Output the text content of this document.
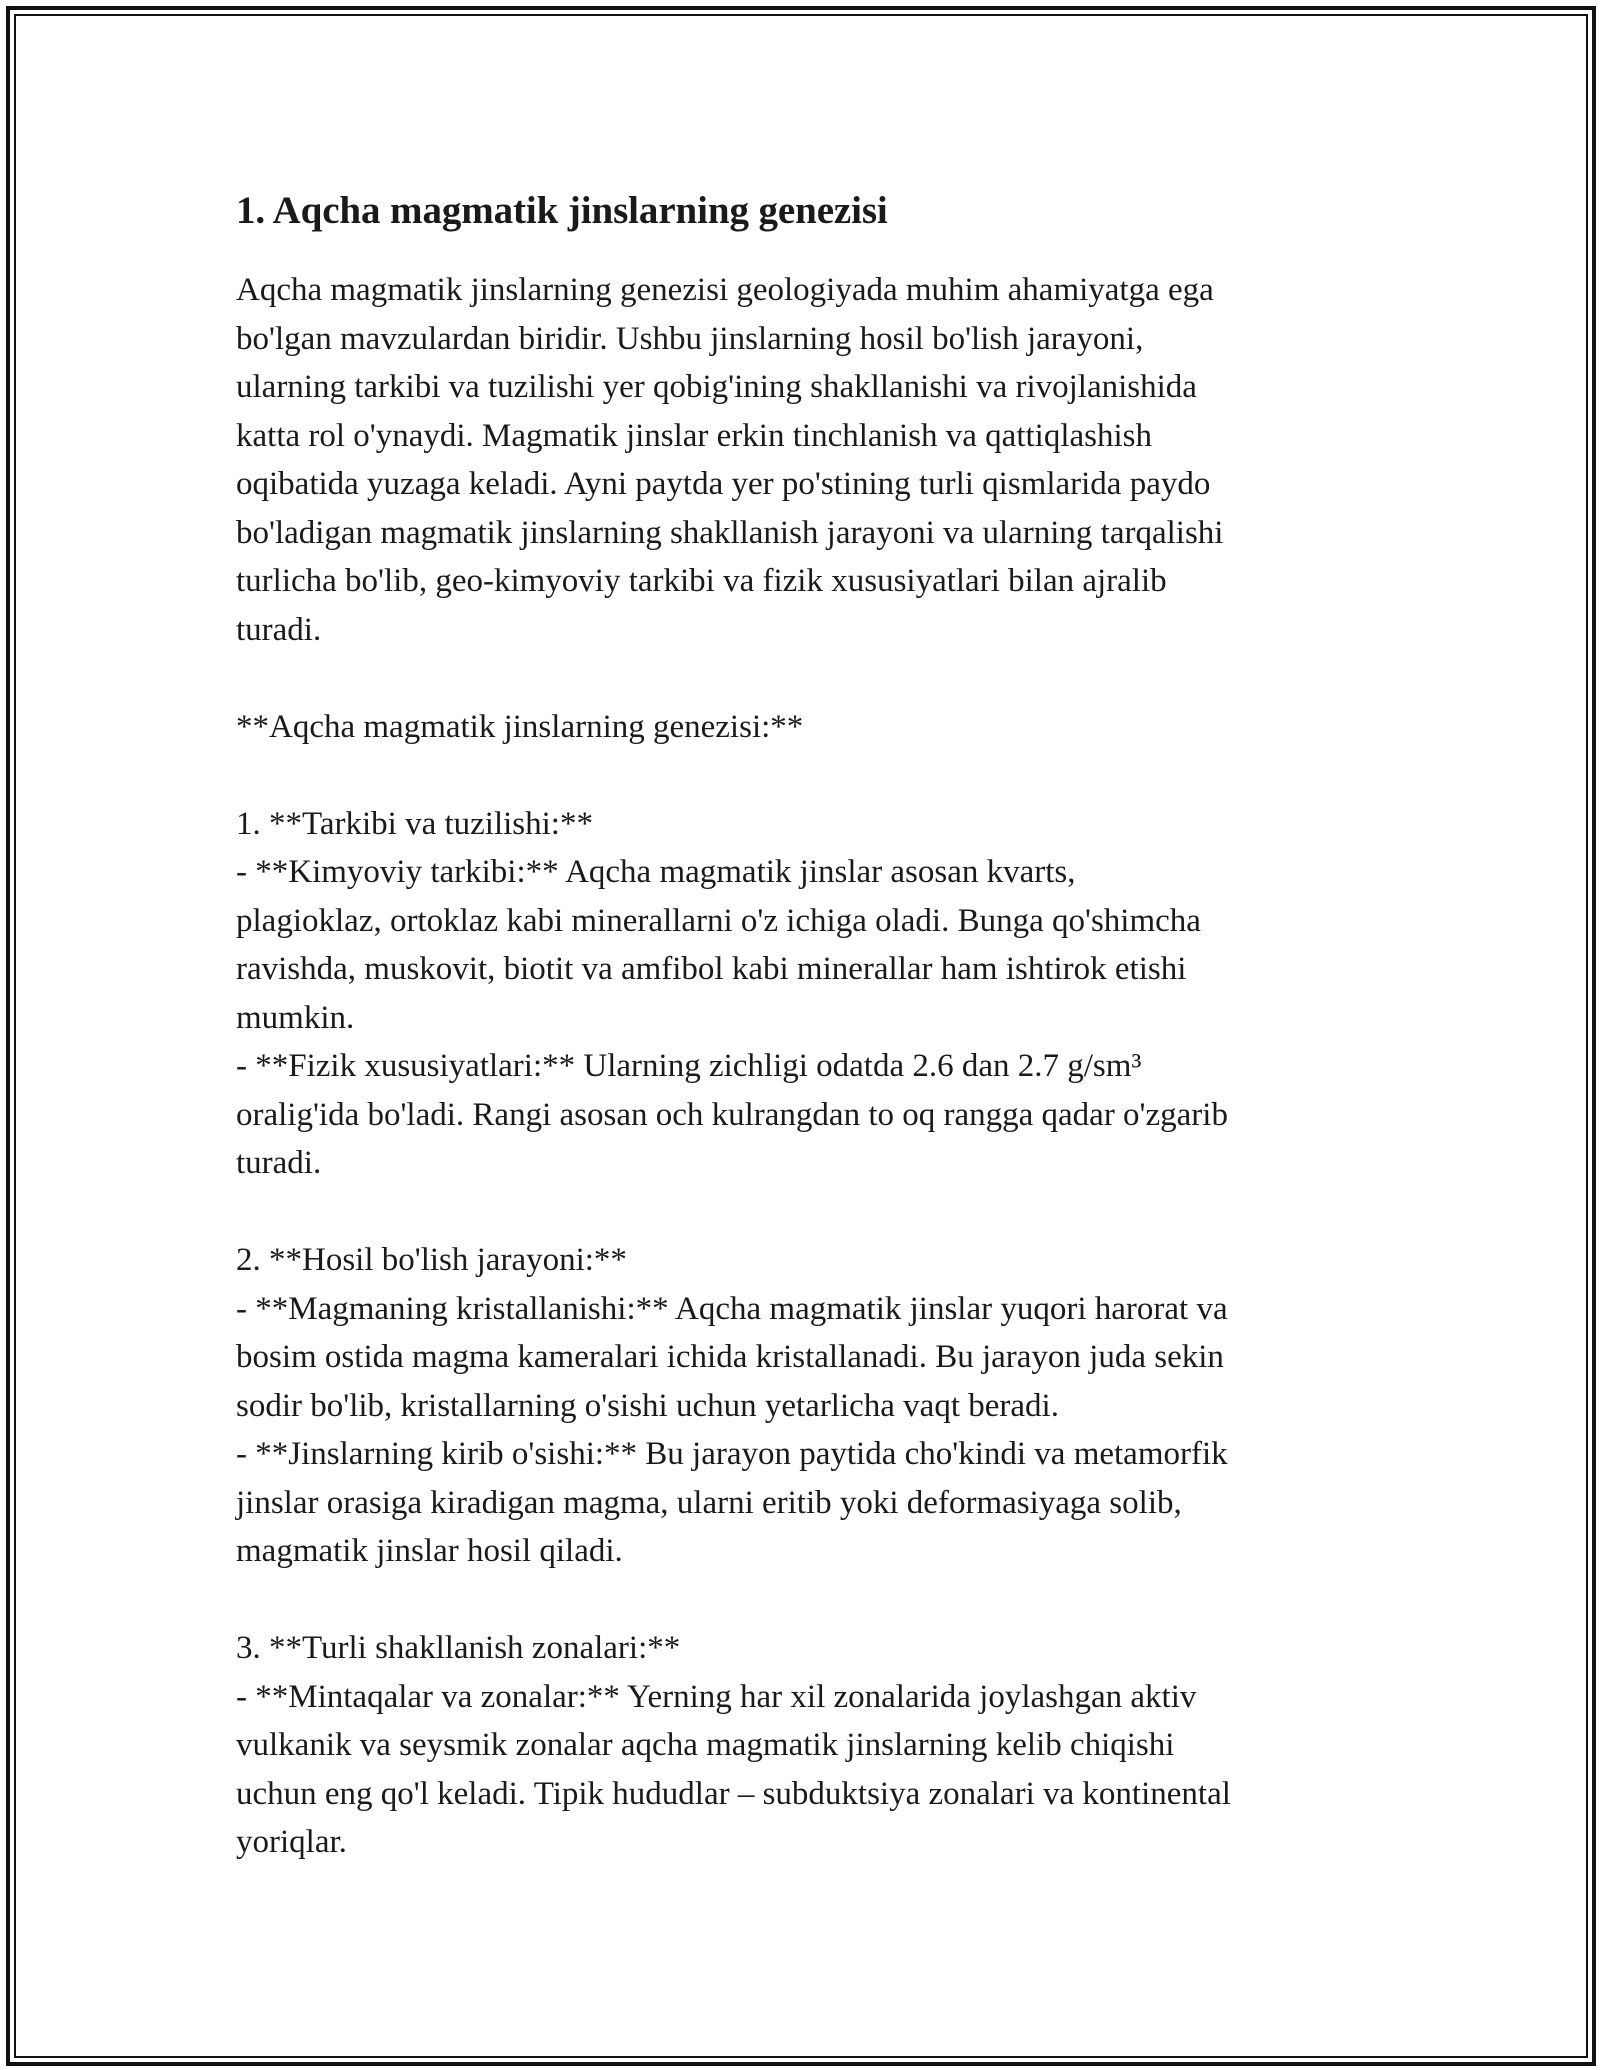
1. Aqcha magmatik jinslarning genezisi

Aqcha magmatik jinslarning genezisi geologiyada muhim ahamiyatga ega
bo'lgan mavzulardan biridir. Ushbu jinslarning hosil bo'lish jarayoni,
ularning tarkibi va tuzilishi yer qobig'ining shakllanishi va rivojlanishida
katta rol o'ynaydi. Magmatik jinslar erkin tinchlanish va qattiqlashish
oqibatida yuzaga keladi. Ayni paytda yer po'stining turli qismlarida paydo
bo'ladigan magmatik jinslarning shakllanish jarayoni va ularning tarqalishi
turlicha bo'lib, geo-kimyoviy tarkibi va fizik xususiyatlari bilan ajralib
turadi.

**Aqcha magmatik jinslarning genezisi:**

1. **Tarkibi va tuzilishi:**
- **Kimyoviy tarkibi:** Aqcha magmatik jinslar asosan kvarts,
plagioklaz, ortoklaz kabi minerallarni o'z ichiga oladi. Bunga qo'shimcha
ravishda, muskovit, biotit va amfibol kabi minerallar ham ishtirok etishi
mumkin.
- **Fizik xususiyatlari:** Ularning zichligi odatda 2.6 dan 2.7 g/sm³
oralig'ida bo'ladi. Rangi asosan och kulrangdan to oq rangga qadar o'zgarib
turadi.

2. **Hosil bo'lish jarayoni:**
- **Magmaning kristallanishi:** Aqcha magmatik jinslar yuqori harorat va
bosim ostida magma kameralari ichida kristallanadi. Bu jarayon juda sekin
sodir bo'lib, kristallarning o'sishi uchun yetarlicha vaqt beradi.
- **Jinslarning kirib o'sishi:** Bu jarayon paytida cho'kindi va metamorfik
jinslar orasiga kiradigan magma, ularni eritib yoki deformasiyaga solib,
magmatik jinslar hosil qiladi.

3. **Turli shakllanish zonalari:**
- **Mintaqalar va zonalar:** Yerning har xil zonalarida joylashgan aktiv
vulkanik va seysmik zonalar aqcha magmatik jinslarning kelib chiqishi
uchun eng qo'l keladi. Tipik hududlar – subduktsiya zonalari va kontinental
yoriqlar.
